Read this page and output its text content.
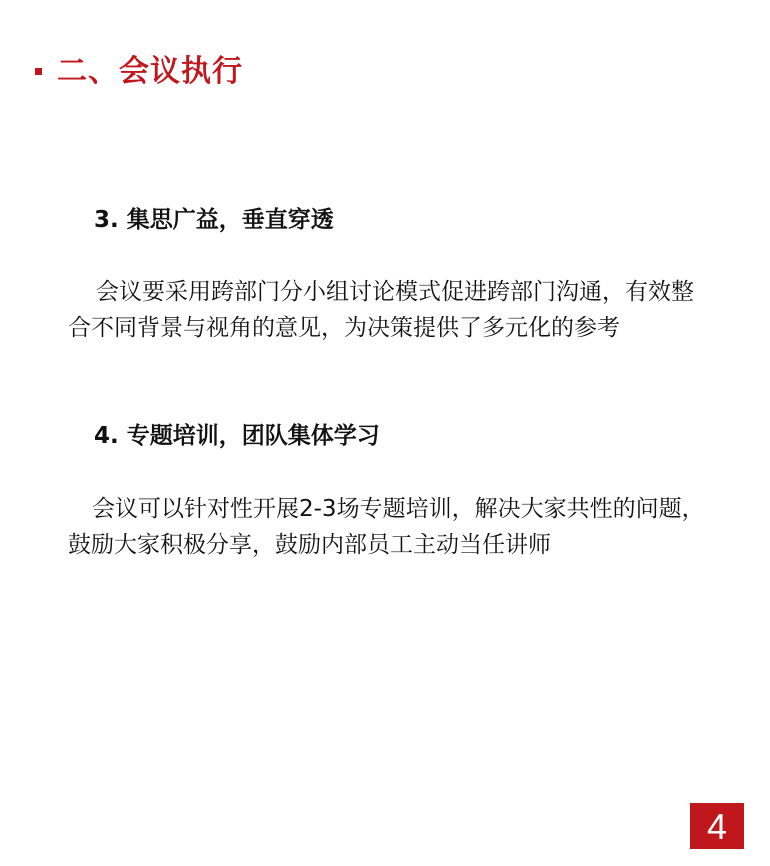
二、会议执行

3. 集思广益，垂直穿透

会议要采用跨部门分小组讨论模式促进跨部门沟通，有效整合不同背景与视角的意见，为决策提供了多元化的参考

4. 专题培训，团队集体学习

会议可以针对性开展2-3场专题培训，解决大家共性的问题，鼓励大家积极分享，鼓励内部员工主动当任讲师

4
